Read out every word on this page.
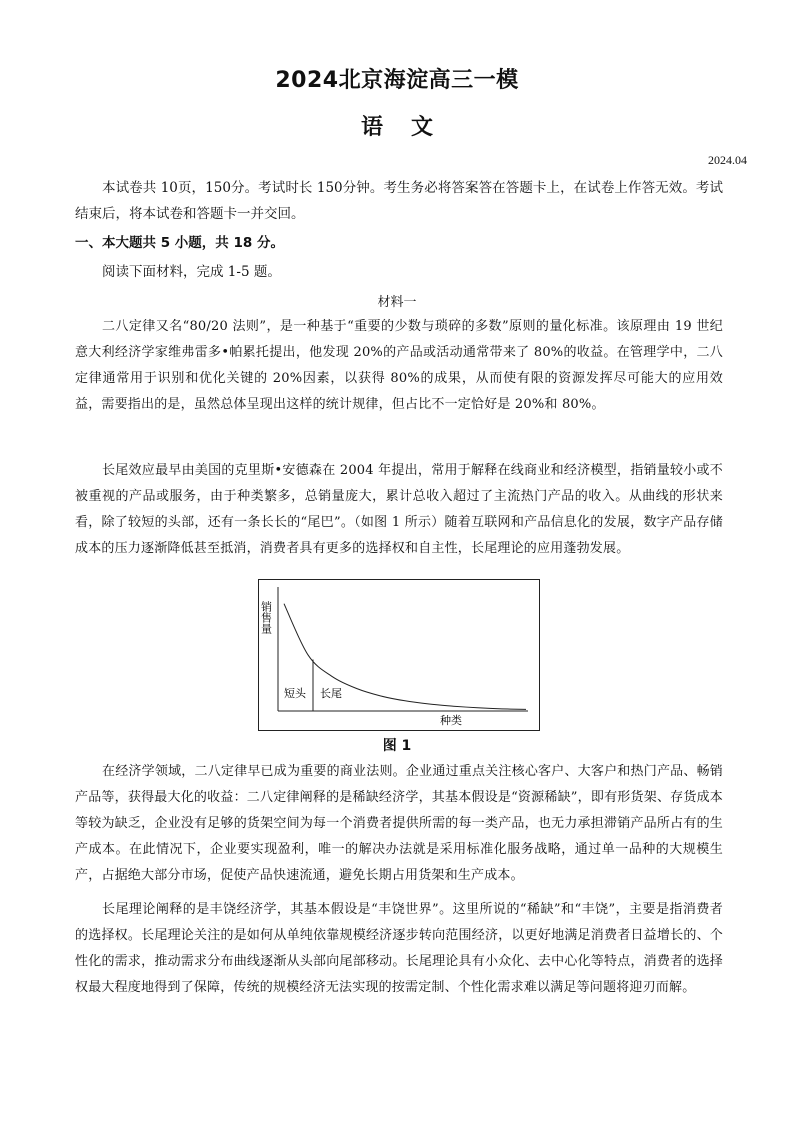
2024北京海淀高三一模
语文
2024.04
本试卷共 10页，150分。考试时长 150分钟。考生务必将答案答在答题卡上，在试卷上作答无效。考试结束后，将本试卷和答题卡一并交回。
一、本大题共 5 小题，共 18 分。
阅读下面材料，完成 1-5 题。
材料一
二八定律又名“80/20 法则”，是一种基于“重要的少数与琐碎的多数”原则的量化标准。该原理由 19 世纪意大利经济学家维弗雷多•帕累托提出，他发现 20%的产品或活动通常带来了 80%的收益。在管理学中，二八定律通常用于识别和优化关键的 20%因素，以获得 80%的成果，从而使有限的资源发挥尽可能大的应用效益，需要指出的是，虽然总体呈现出这样的统计规律，但占比不一定恰好是 20%和 80%。
长尾效应最早由美国的克里斯•安德森在 2004 年提出，常用于解释在线商业和经济模型，指销量较小或不被重视的产品或服务，由于种类繁多，总销量庞大，累计总收入超过了主流热门产品的收入。从曲线的形状来看，除了较短的头部，还有一条长长的“尾巴”。（如图 1 所示）随着互联网和产品信息化的发展，数字产品存储成本的压力逐渐降低甚至抵消，消费者具有更多的选择权和自主性，长尾理论的应用蓬勃发展。
销售量
短头 长尾
种类
图 1
在经济学领域，二八定律早已成为重要的商业法则。企业通过重点关注核心客户、大客户和热门产品、畅销产品等，获得最大化的收益：二八定律阐释的是稀缺经济学，其基本假设是“资源稀缺”，即有形货架、存货成本等较为缺乏，企业没有足够的货架空间为每一个消费者提供所需的每一类产品，也无力承担滞销产品所占有的生产成本。在此情况下，企业要实现盈利，唯一的解决办法就是采用标准化服务战略，通过单一品种的大规模生产，占据绝大部分市场，促使产品快速流通，避免长期占用货架和生产成本。
长尾理论阐释的是丰饶经济学，其基本假设是“丰饶世界”。这里所说的“稀缺”和“丰饶”，主要是指消费者的选择权。长尾理论关注的是如何从单纯依靠规模经济逐步转向范围经济，以更好地满足消费者日益增长的、个性化的需求，推动需求分布曲线逐渐从头部向尾部移动。长尾理论具有小众化、去中心化等特点，消费者的选择权最大程度地得到了保障，传统的规模经济无法实现的按需定制、个性化需求难以满足等问题将迎刃而解。
